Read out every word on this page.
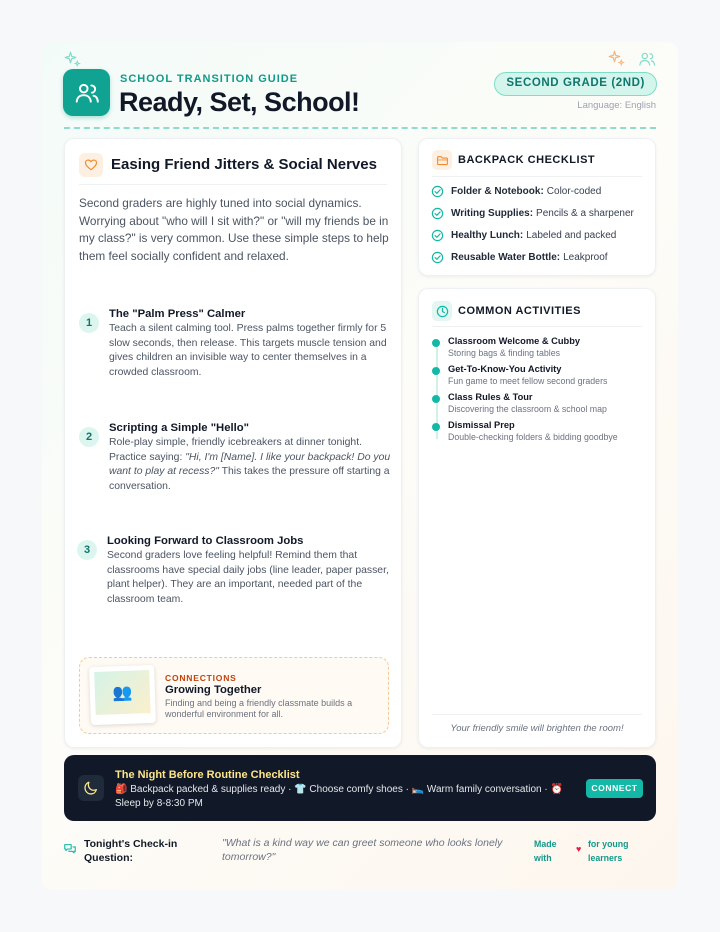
SCHOOL TRANSITION GUIDE
Ready, Set, School!
SECOND GRADE (2ND)
Language: English
Easing Friend Jitters & Social Nerves
Second graders are highly tuned into social dynamics. Worrying about "who will I sit with?" or "will my friends be in my class?" is very common. Use these simple steps to help them feel socially confident and relaxed.
1
The "Palm Press" Calmer
Teach a silent calming tool. Press palms together firmly for 5 slow seconds, then release. This targets muscle tension and gives children an invisible way to center themselves in a crowded classroom.
2
Scripting a Simple "Hello"
Role-play simple, friendly icebreakers at dinner tonight. Practice saying: "Hi, I'm [Name]. I like your backpack! Do you want to play at recess?" This takes the pressure off starting a conversation.
3
Looking Forward to Classroom Jobs
Second graders love feeling helpful! Remind them that classrooms have special daily jobs (line leader, paper passer, plant helper). They are an important, needed part of the classroom team.
👥
CONNECTIONS
Growing Together
Finding and being a friendly classmate builds a wonderful environment for all.
BACKPACK CHECKLIST
Folder & Notebook: Color-coded
Writing Supplies: Pencils & a sharpener
Healthy Lunch: Labeled and packed
Reusable Water Bottle: Leakproof
COMMON ACTIVITIES
Classroom Welcome & Cubby
Storing bags & finding tables
Get-To-Know-You Activity
Fun game to meet fellow second graders
Class Rules & Tour
Discovering the classroom & school map
Dismissal Prep
Double-checking folders & bidding goodbye
Your friendly smile will brighten the room!
The Night Before Routine Checklist
🎒 Backpack packed & supplies ready · 👕 Choose comfy shoes · 🛌 Warm family conversation · ⏰ Sleep by 8-8:30 PM
CONNECT
Tonight's Check-in Question:
"What is a kind way we can greet someone who looks lonely tomorrow?"
Made with
♥ for young learners
